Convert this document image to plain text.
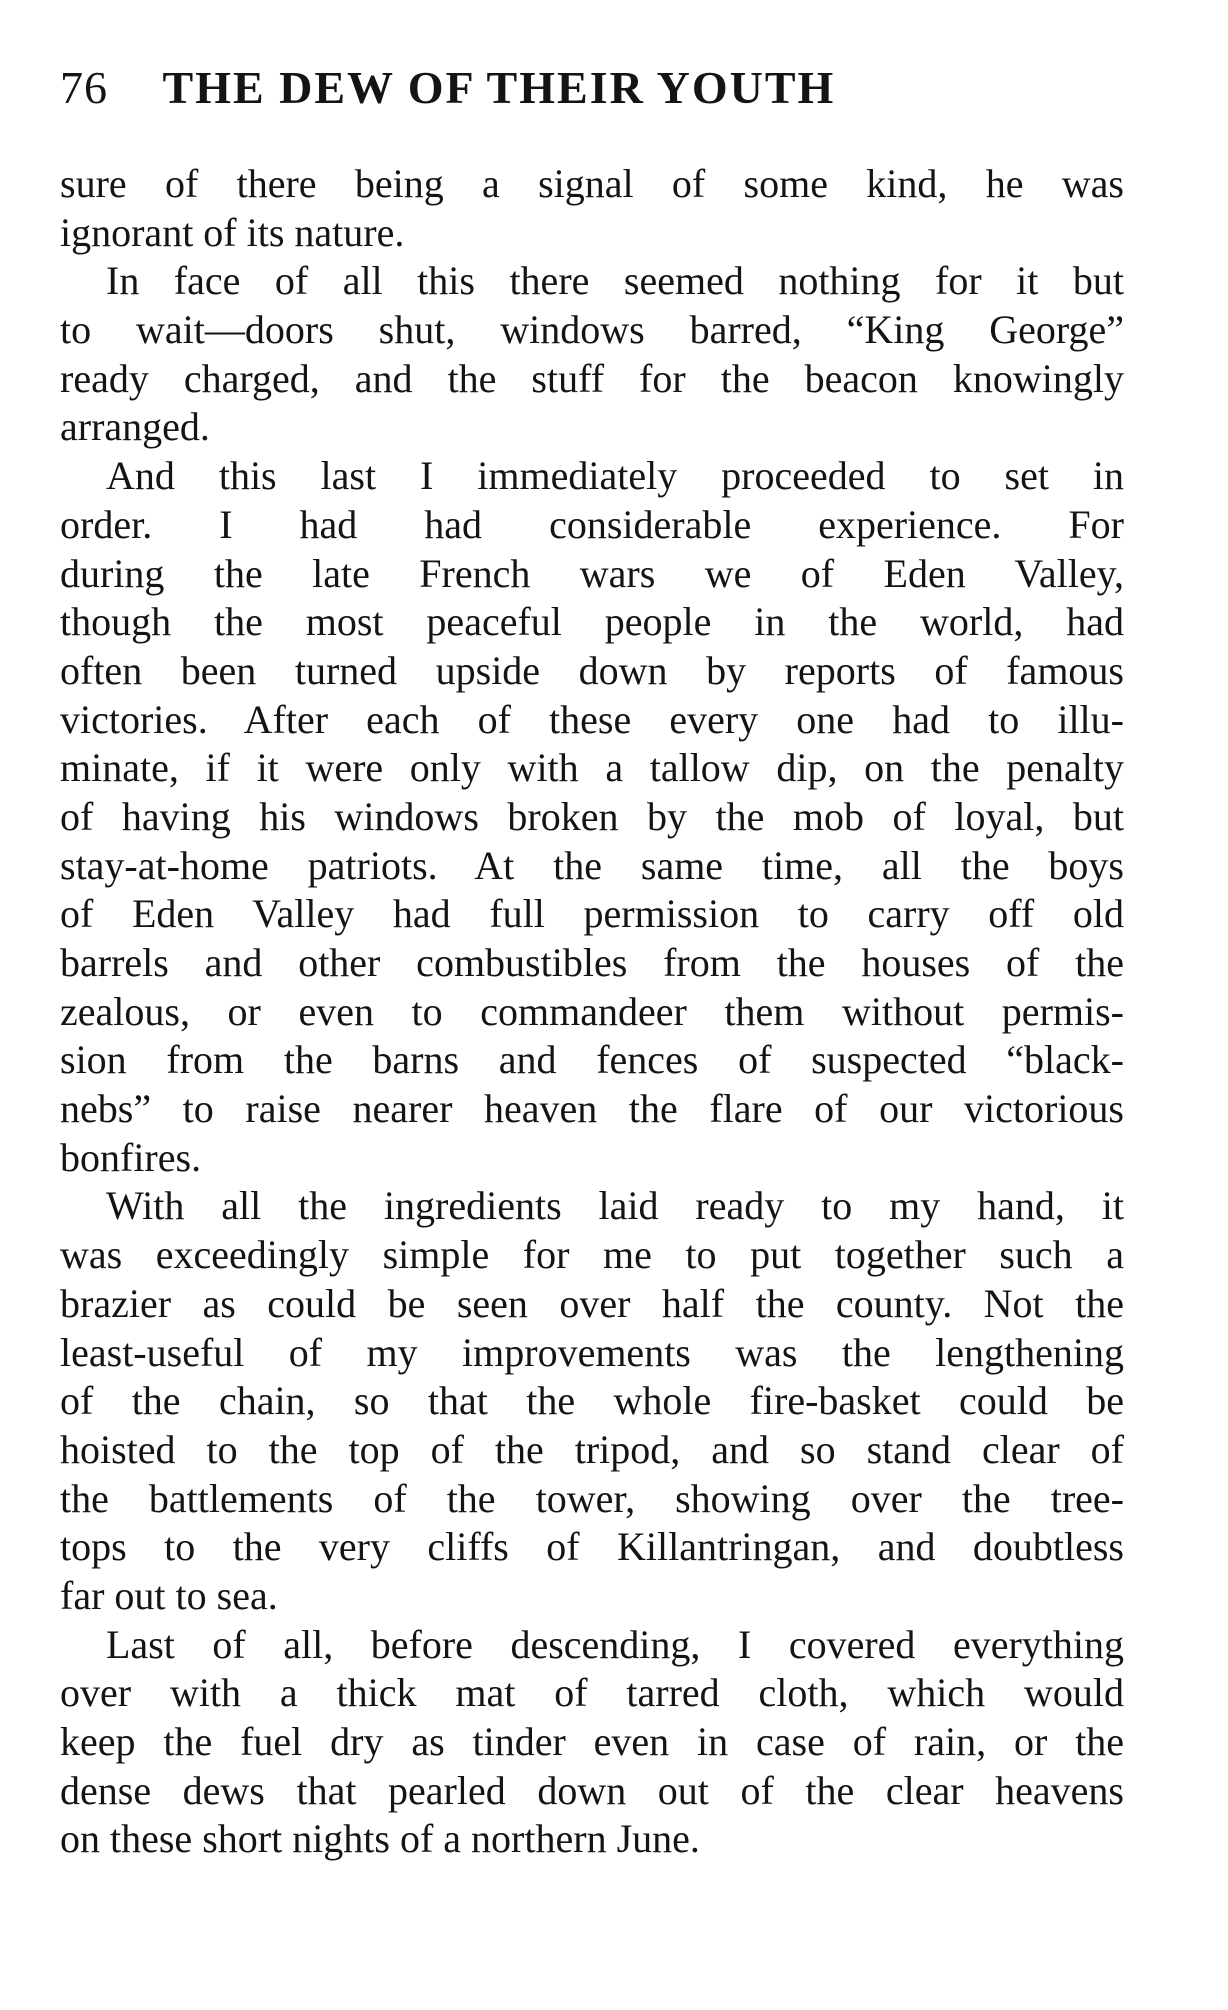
76 THE DEW OF THEIR YOUTH
sure of there being a signal of some kind, he was
ignorant of its nature.
In face of all this there seemed nothing for it but
to wait—doors shut, windows barred, “King George”
ready charged, and the stuff for the beacon knowingly
arranged.
And this last I immediately proceeded to set in
order. I had had considerable experience. For
during the late French wars we of Eden Valley,
though the most peaceful people in the world, had
often been turned upside down by reports of famous
victories. After each of these every one had to illu-
minate, if it were only with a tallow dip, on the penalty
of having his windows broken by the mob of loyal, but
stay-at-home patriots. At the same time, all the boys
of Eden Valley had full permission to carry off old
barrels and other combustibles from the houses of the
zealous, or even to commandeer them without permis-
sion from the barns and fences of suspected “black-
nebs” to raise nearer heaven the flare of our victorious
bonfires.
With all the ingredients laid ready to my hand, it
was exceedingly simple for me to put together such a
brazier as could be seen over half the county. Not the
least-useful of my improvements was the lengthening
of the chain, so that the whole fire-basket could be
hoisted to the top of the tripod, and so stand clear of
the battlements of the tower, showing over the tree-
tops to the very cliffs of Killantringan, and doubtless
far out to sea.
Last of all, before descending, I covered everything
over with a thick mat of tarred cloth, which would
keep the fuel dry as tinder even in case of rain, or the
dense dews that pearled down out of the clear heavens
on these short nights of a northern June.
